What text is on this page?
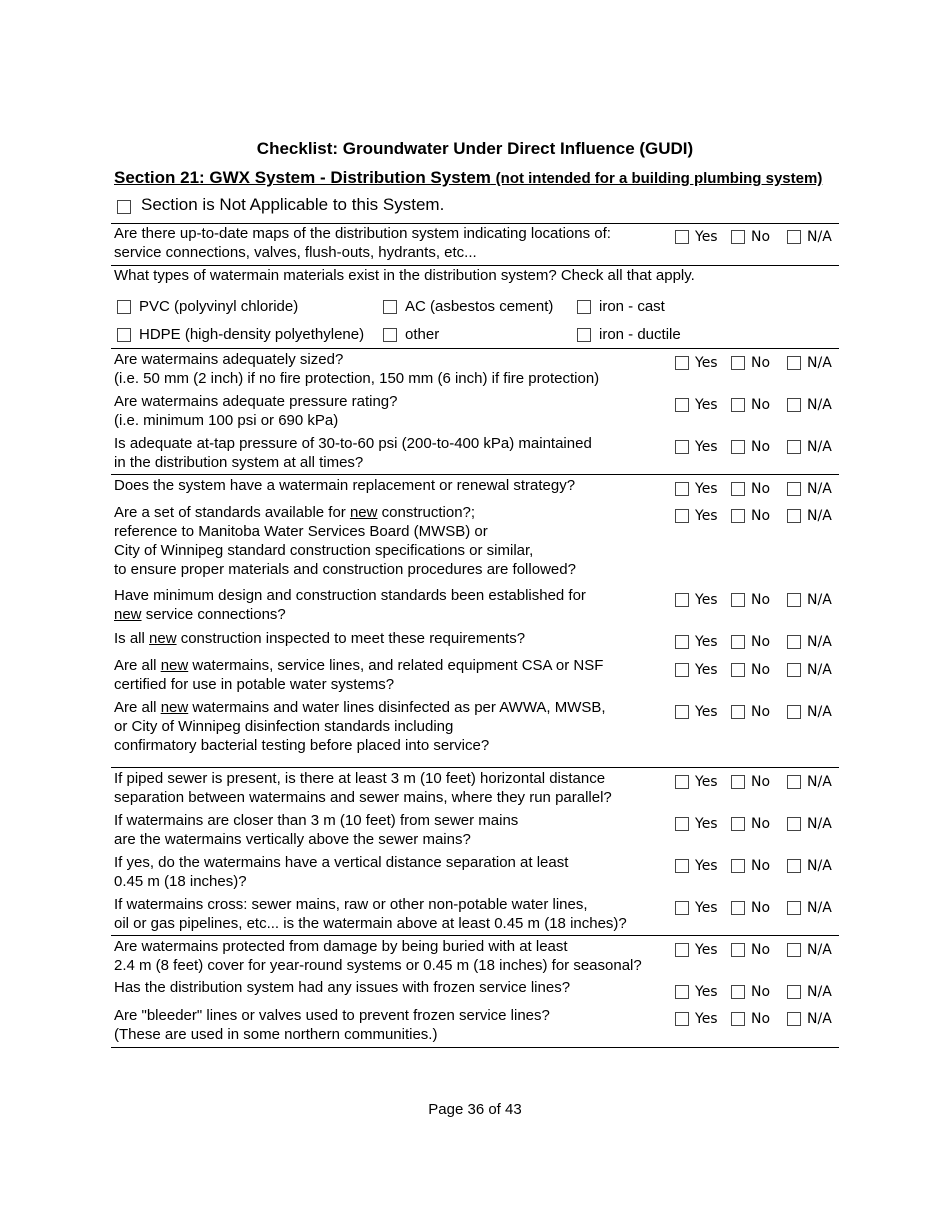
Checklist: Groundwater Under Direct Influence (GUDI)
Section 21: GWX System - Distribution System (not intended for a building plumbing system)
Section is Not Applicable to this System.
Are there up-to-date maps of the distribution system indicating locations of:
service connections, valves, flush-outs, hydrants, etc...
Yes No	N/A
What types of watermain materials exist in the distribution system? Check all that apply.
PVC (polyvinyl chloride)	AC (asbestos cement)	iron - cast
HDPE (high-density polyethylene)	other	iron - ductile
Are watermains adequately sized?
(i.e. 50 mm (2 inch) if no fire protection, 150 mm (6 inch) if fire protection)
Yes No	N/A
Are watermains adequate pressure rating?
(i.e. minimum 100 psi or 690 kPa)
Yes No	N/A
Is adequate at-tap pressure of 30-to-60 psi (200-to-400 kPa) maintained
in the distribution system at all times?
Yes No	N/A
Does the system have a watermain replacement or renewal strategy?	Yes No	N/A
Are a set of standards available for new construction?;
reference to Manitoba Water Services Board (MWSB) or
City of Winnipeg standard construction specifications or similar,
to ensure proper materials and construction procedures are followed?
Yes No	N/A
Have minimum design and construction standards been established for
new service connections?
Yes No	N/A
Is all new construction inspected to meet these requirements?	Yes No	N/A
Are all new watermains, service lines, and related equipment CSA or NSF
certified for use in potable water systems?
Yes No	N/A
Are all new watermains and water lines disinfected as per AWWA, MWSB,
or City of Winnipeg disinfection standards including
confirmatory bacterial testing before placed into service?
Yes No	N/A
If piped sewer is present, is there at least 3 m (10 feet) horizontal distance
separation between watermains and sewer mains, where they run parallel?
Yes No	N/A
If watermains are closer than 3 m (10 feet) from sewer mains
are the watermains vertically above the sewer mains?
Yes No	N/A
If yes, do the watermains have a vertical distance separation at least
0.45 m (18 inches)?
Yes No	N/A
If watermains cross: sewer mains, raw or other non-potable water lines,
oil or gas pipelines, etc... is the watermain above at least 0.45 m (18 inches)?
Yes No	N/A
Are watermains protected from damage by being buried with at least
2.4 m (8 feet) cover for year-round systems or 0.45 m (18 inches) for seasonal?
Yes No	N/A
Has the distribution system had any issues with frozen service lines?	Yes No	N/A
Are "bleeder" lines or valves used to prevent frozen service lines?
(These are used in some northern communities.)
Yes No	N/A
Page 36 of 43
